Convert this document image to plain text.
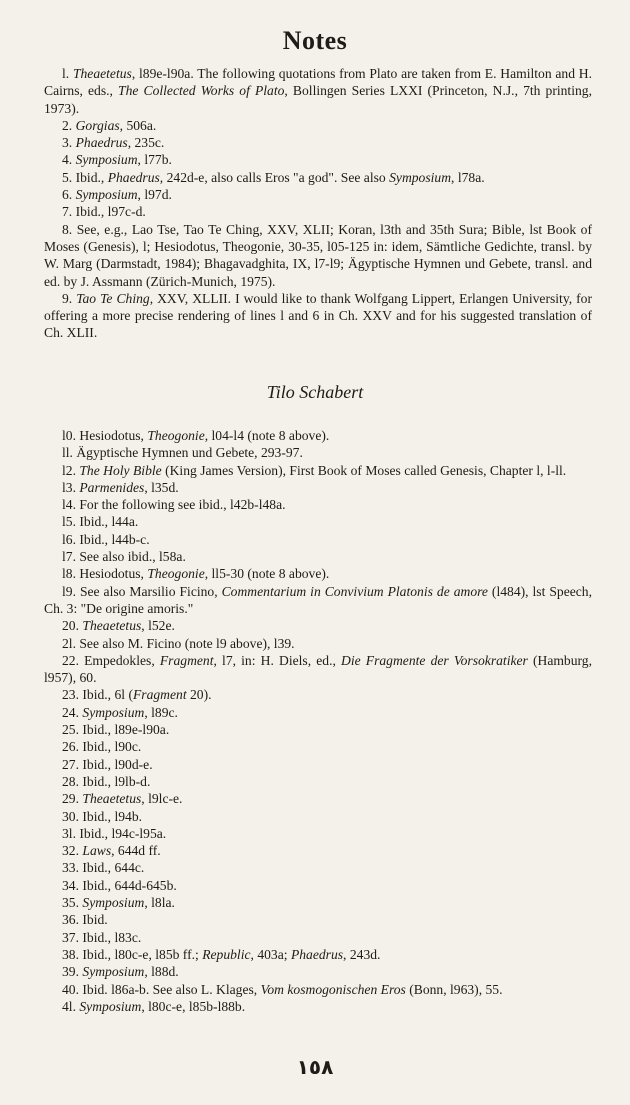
Notes

l. Theaetetus, l89e-l90a. The following quotations from Plato are taken from E. Hamilton and H. Cairns, eds., The Collected Works of Plato, Bollingen Series LXXI (Princeton, N.J., 7th printing, 1973).

2. Gorgias, 506a.

3. Phaedrus, 235c.

4. Symposium, l77b.

5. Ibid., Phaedrus, 242d-e, also calls Eros "a god". See also Symposium, l78a.

6. Symposium, l97d.

7. Ibid., l97c-d.

8. See, e.g., Lao Tse, Tao Te Ching, XXV, XLII; Koran, l3th and 35th Sura; Bible, lst Book of Moses (Genesis), l; Hesiodotus, Theogonie, 30-35, l05-125 in: idem, Sämtliche Gedichte, transl. by W. Marg (Darmstadt, 1984); Bhagavadghita, IX, l7-l9; Ägyptische Hymnen und Gebete, transl. and ed. by J. Assmann (Zürich-Munich, 1975).

9. Tao Te Ching, XXV, XLLII. I would like to thank Wolfgang Lippert, Erlangen University, for offering a more precise rendering of lines l and 6 in Ch. XXV and for his suggested translation of Ch. XLII.

Tilo Schabert

l0. Hesiodotus, Theogonie, l04-l4 (note 8 above).

ll. Ägyptische Hymnen und Gebete, 293-97.

l2. The Holy Bible (King James Version), First Book of Moses called Genesis, Chapter l, l-ll.

l3. Parmenides, l35d.

l4. For the following see ibid., l42b-l48a.

l5. Ibid., l44a.

l6. Ibid., l44b-c.

l7. See also ibid., l58a.

l8. Hesiodotus, Theogonie, ll5-30 (note 8 above).

l9. See also Marsilio Ficino, Commentarium in Convivium Platonis de amore (l484), lst Speech, Ch. 3: "De origine amoris."

20. Theaetetus, l52e.

2l. See also M. Ficino (note l9 above), l39.

22. Empedokles, Fragment, l7, in: H. Diels, ed., Die Fragmente der Vorsokratiker (Hamburg, l957), 60.

23. Ibid., 6l (Fragment 20).

24. Symposium, l89c.

25. Ibid., l89e-l90a.

26. Ibid., l90c.

27. Ibid., l90d-e.

28. Ibid., l9lb-d.

29. Theaetetus, l9lc-e.

30. Ibid., l94b.

3l. Ibid., l94c-l95a.

32. Laws, 644d ff.

33. Ibid., 644c.

34. Ibid., 644d-645b.

35. Symposium, l8la.

36. Ibid.

37. Ibid., l83c.

38. Ibid., l80c-e, l85b ff.; Republic, 403a; Phaedrus, 243d.

39. Symposium, l88d.

40. Ibid. l86a-b. See also L. Klages, Vom kosmogonischen Eros (Bonn, l963), 55.

4l. Symposium, l80c-e, l85b-l88b.

١٥٨
